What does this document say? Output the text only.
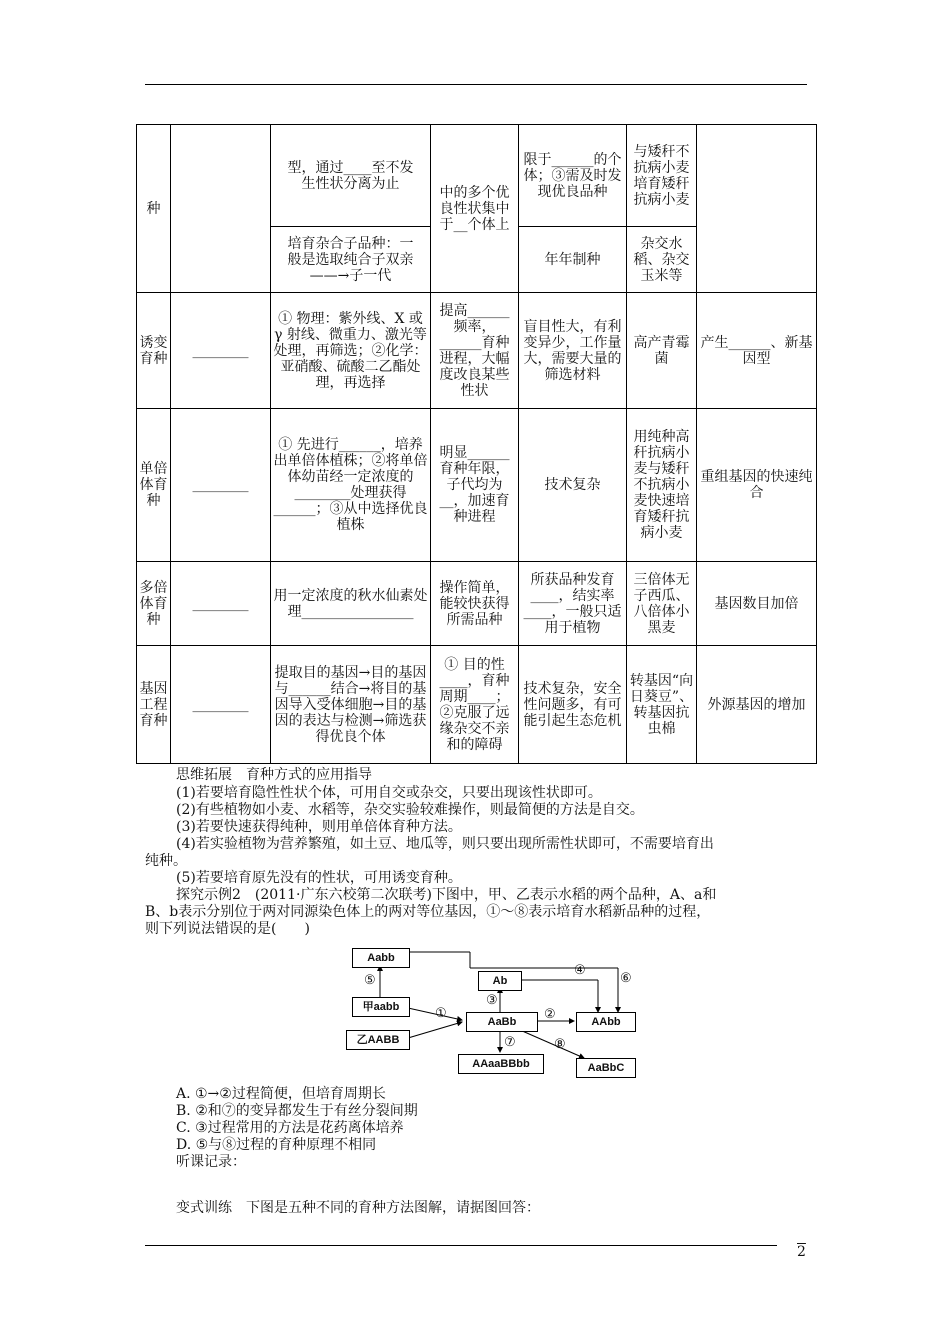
种		型，通过____至不发生性状分离为止	中的多个优良性状集中于__个体上	限于______的个体；③需及时发现优良品种	与矮秆不抗病小麦培育矮秆抗病小麦	
		培育杂合子品种：一般是选取纯合子双亲——→子一代		年年制种	杂交水稻、杂交玉米等	
诱变育种	________	① 物理：紫外线、X 或 γ 射线、微重力、激光等处理，再筛选；②化学：亚硝酸、硫酸二乙酯处理，再选择	提高______频率，______育种进程，大幅度改良某些性状	盲目性大，有利变异少，工作量大，需要大量的筛选材料	高产青霉菌	产生______、新基因型
单倍体育种	________	① 先进行______，培养出单倍体植株；②将单倍体幼苗经一定浓度的________处理获得______；③从中选择优良植株	明显______育种年限，子代均为__，加速育种进程	技术复杂	用纯种高秆抗病小麦与矮秆不抗病小麦快速培育矮秆抗病小麦	重组基因的快速纯合
多倍体育种	________	用一定浓度的秋水仙素处理________________	操作简单，能较快获得所需品种	所获品种发育____，结实率____，一般只适用于植物	三倍体无子西瓜、八倍体小黑麦	基因数目加倍
基因工程育种	________	提取目的基因→目的基因与______结合→将目的基因导入受体细胞→目的基因的表达与检测→筛选获得优良个体	① 目的性____，育种周期____；②克服了远缘杂交不亲和的障碍	技术复杂，安全性问题多，有可能引起生态危机	转基因“向日葵豆”、转基因抗虫棉	外源基因的增加
思维拓展　育种方式的应用指导
(1)若要培育隐性性状个体，可用自交或杂交，只要出现该性状即可。
(2)有些植物如小麦、水稻等，杂交实验较难操作，则最简便的方法是自交。
(3)若要快速获得纯种，则用单倍体育种方法。
(4)若实验植物为营养繁殖，如土豆、地瓜等，则只要出现所需性状即可，不需要培育出
纯种。
(5)若要培育原先没有的性状，可用诱变育种。
探究示例2　(2011·广东六校第二次联考)下图中，甲、乙表示水稻的两个品种，A、a和
B、b表示分别位于两对同源染色体上的两对等位基因，①～⑧表示培育水稻新品种的过程，
则下列说法错误的是(　　)
Aabb
Ab
甲aabb
乙AABB
AaBb	AAbb
AAaaBBbb	AaBbC
⑤
①
③
④
⑥
②
⑦	⑧
A. ①→②过程简便，但培育周期长
B. ②和⑦的变异都发生于有丝分裂间期
C. ③过程常用的方法是花药离体培养
D. ⑤与⑧过程的育种原理不相同
听课记录：
变式训练　下图是五种不同的育种方法图解，请据图回答：
2
